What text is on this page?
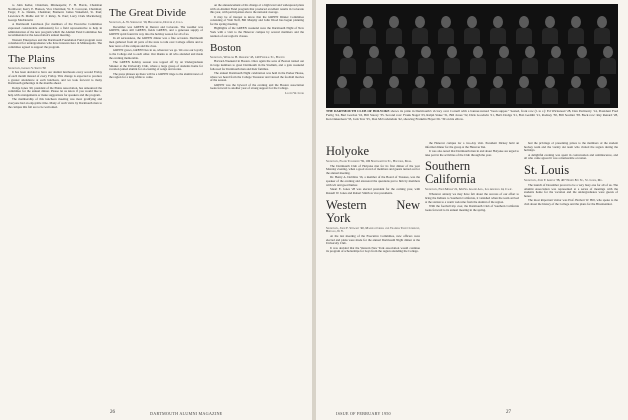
to John Keller, Chairman, Minneapolis; F. H. Harris, Chairman Northwest; Kerry E. Hanson, Vice Chairman; W. E. Corcoran, Chairman; Fargo; F. A. Dennis, Chairman; Brainerd. James Wakefield, St. Paul; Lawrence B. Mahle and W. J. Raley, St. Paul; Larry Clark Mackleberg; George MacDonald.

A Dartmouth Luncheon (for members of the Executive Committee expressed considerable enthusiasm) for a field representative to help in administration of the new program which the Alumni Fund Committee has recommended at the Association's annual meeting.

Western Enterprises and the Dartmouth Foundation Fund program were considered for undergraduates who have interests here in Minneapolis. The committee agreed to support the program.

The Plains
Secretary, George V. Smith '30

It has been decided to have our alumni luncheons every second Friday of each month instead of every Friday. This change is expected to produce a greater attendance at each luncheon, and we look forward to many Dartmouth gatherings in the months ahead.

Dodge Jones '40, president of the Plains Association, has announced the committee for the annual dinner. Please let us know if you would like to help with arrangements or make suggestions for speakers and the program.

The membership of this luncheon meeting was most gratifying and everyone had an enjoyable time. Many of such visits by Dartmouth men to the campus this fall are to be welcomed.

The Great Divide
Secretary, A. W. Sherwood '19, Broadmoor, Denver 2, Colo.

December was GREEN in Denver and Colorado. The weather was GREEN, skies still GREEN, fields GREEN, and a generous supply of GREEN spirit found its way into the holiday season for all of us.

In all seriousness, the GREEN dinner was a fine occasion. Dartmouth men gathered from all parts of the state to talk over College affairs and to hear news of the campus and the class.

GREEN grows, GREEN lies in us, wherever we go. We owe our loyalty to the College and to each other. Our thanks to all who attended and made the evening memorable.

The GREEN holiday season was topped off by an Undergraduate Smoker at the University Club, where a large group of students home for vacation joined alumni for an evening of songs and stories.

The press phrases up there will be a GREEN tinge to the alumni news of the region for a long while to come.

on the announcement of his change of a high level and widespread plans with an Alumni Fund program that produced excellent results in Colorado this year, with participation above the national average.

It may be of interest to know that the GREEN Dinner Committee consisting of Walt Neff, Bill Murphy and John Wood has begun planning for the spring meeting.

Highlights of the GREEN weekend were the Dartmouth Night of New York with a visit to the Hanover campus by several members and the reunion of our region's classes.

Boston
Secretary, Winslow H. Osborne '45, 140 Federal St., Boston

Harvard-Weekend in Boston. Once again the sons of Boston turned out in large numbers to greet Dartmouth in the Stadium, and a gala weekend followed for Dartmouth men and their families.

The annual Dartmouth Night celebration was held in the Parker House, where we heard from the College Treasurer and viewed the football movies of the season.

GREEN was the byword of the evening and the Boston association looks forward to another year of strong support for the College.

Lloyd W. Cook

DARTMOUTH ALUMNI MAGAZINE
26
THE DARTMOUTH CLUB OF HOLYOKE shows its pride in Dartmouth's victory over Cornell with a banner-turned "bean supper." Seated, front row (l. to r.): Ed Wickstead '28, Dan Pertinotty '14, President Fred Fertig '24, Bert Gordon '16, Bill Stacey '35. Second row: Frank Nagel '23, Ralph Stake '31, Bill Jones '32, Dick Goodwin '21, Herb Dodge '21, Bob Gedditt '21, Rodney '30, Bill Soulder '38. Back row: Ray Renard '28, Ken Oakerdeen '33, Jack Tew '25, Don McCorkindale '42, showing Franklin Hoyer Dr. '39 on his elbow.
Holyoke
Secretary, Frank Townsend '39, 106 Northampton St., Holyoke, Mass.

The Dartmouth Club of Holyoke met for its first dinner of the year Monday evening, when a good crowd of members and guests turned out for the annual meeting.

Dr. Henry A. Dobbins '16, a member of the Board of Trustees, was the speaker of the evening and answered the questions put to him by members with wit and good humor.

Stuart E. Jones '28 was elected president for the coming year, with Russell W. Jones and Robert Smith as vice presidents.

Western New York
Secretary, John F. Stewart '40, Manufacturers and Traders Trust Company, Buffalo, N. Y.

At the last meeting of the Executive Committee, new officers were elected and plans were made for the annual Dartmouth Night dinner at the University Club.

It was decided that the Western New York association would continue its program of scholarships for boys from the region attending the College.

the Hanover campus for a two-day visit. President Dickey held an informal dinner for the group at the Hanover Inn.

It was also noted that Dartmouth men in and about Holyoke are urged to take part in the activities of the Club through the year.

Southern California
Secretary, Fred Morse '21, 624 So. Grand Ave., Los Angeles 14, Calif.

Whatever anxiety we may have felt about the success of our effort to bring the Indians to Southern California, it vanished when the team arrived at the station to a warm welcome from the alumni of the region.

With the football trip over, the Dartmouth Club of Southern California looks forward to its annual meeting in the spring.

had the privilege of presenting prizes to the members of the student hockey team and the varsity ski team who visited the region during the holidays.

A delightful evening was spent in conversation and reminiscence, and all who came agreed it was a memorable occasion.

St. Louis
Secretary, John F. Grieve '38, 407 North 8th St., St. Louis, Mo.

The launch of December proved to be a very busy one for all of us. The Alumni Association was represented at a series of meetings with the students home for the vacation and the undergraduates were guests of honor.

The most important visitor was Prof. Herbert W. Hill, who spoke to the club about the history of the College and the plans for the Bicentennial.

ISSUE OF FEBRUARY 1950	27
